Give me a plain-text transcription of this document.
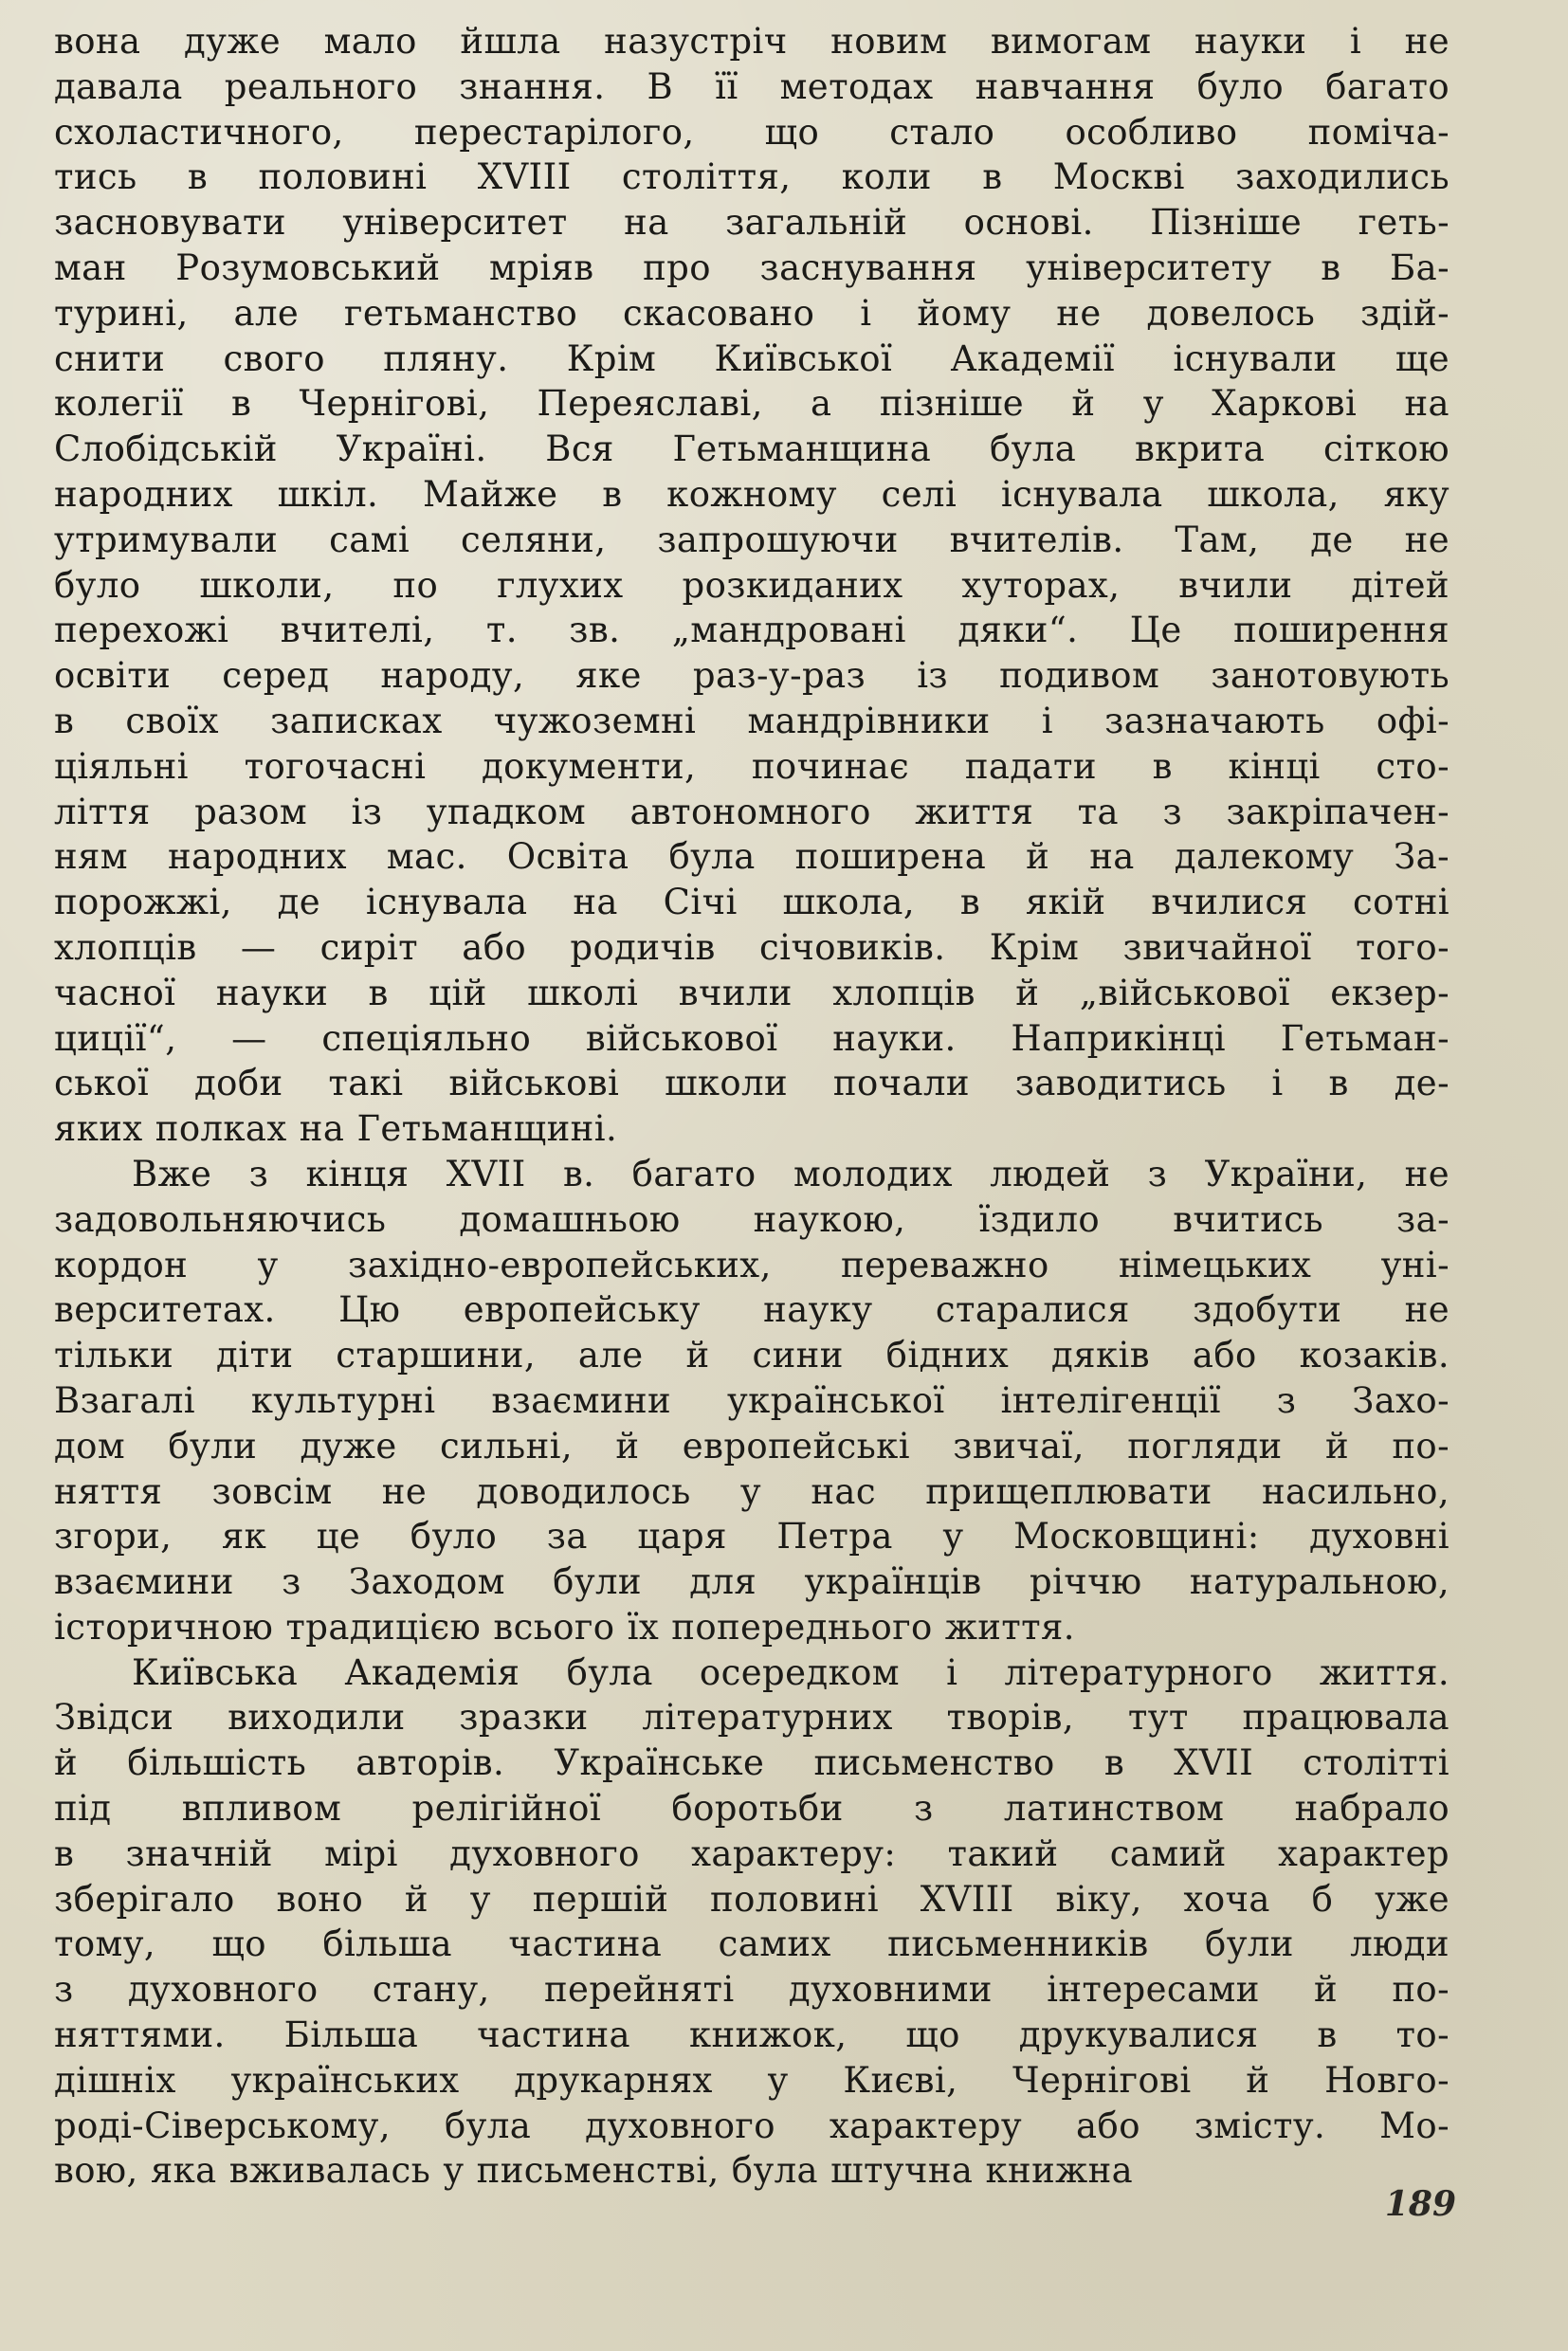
вона дуже мало йшла назустріч новим вимогам науки і не
давала реального знання. В її методах навчання було багато
схоластичного, перестарілого, що стало особливо поміча-
тись в половині XVIII століття, коли в Москві заходились
засновувати університет на загальній основі. Пізніше геть-
ман Розумовський мріяв про заснування університету в Ба-
турині, але гетьманство скасовано і йому не довелось здій-
снити свого пляну. Крім Київської Академії існували ще
колегії в Чернігові, Переяславі, а пізніше й у Харкові на
Слобідській Україні. Вся Гетьманщина була вкрита сіткою
народних шкіл. Майже в кожному селі існувала школа, яку
утримували самі селяни, запрошуючи вчителів. Там, де не
було школи, по глухих розкиданих хуторах, вчили дітей
перехожі вчителі, т. зв. „мандровані дяки“. Це поширення
освіти серед народу, яке раз-у-раз із подивом занотовують
в своїх записках чужоземні мандрівники і зазначають офі-
ціяльні тогочасні документи, починає падати в кінці сто-
ліття разом із упадком автономного життя та з закріпачен-
ням народних мас. Освіта була поширена й на далекому За-
порожжі, де існувала на Січі школа, в якій вчилися сотні
хлопців — сиріт або родичів січовиків. Крім звичайної того-
часної науки в цій школі вчили хлопців й „військової екзер-
циції“, — спеціяльно військової науки. Наприкінці Гетьман-
ської доби такі військові школи почали заводитись і в де-
яких полках на Гетьманщині.

Вже з кінця XVII в. багато молодих людей з України, не
задовольняючись домашньою наукою, їздило вчитись за-
кордон у західно-европейських, переважно німецьких уні-
верситетах. Цю европейську науку старалися здобути не
тільки діти старшини, але й сини бідних дяків або козаків.
Взагалі культурні взаємини української інтелігенції з Захо-
дом були дуже сильні, й европейські звичаї, погляди й по-
няття зовсім не доводилось у нас прищеплювати насильно,
згори, як це було за царя Петра у Московщині: духовні
взаємини з Заходом були для українців річчю натуральною,
історичною традицією всього їх попереднього життя.

Київська Академія була осередком і літературного життя.
Звідси виходили зразки літературних творів, тут працювала
й більшість авторів. Українське письменство в XVII столітті
під впливом релігійної боротьби з латинством набрало
в значній мірі духовного характеру: такий самий характер
зберігало воно й у першій половині XVIII віку, хоча б уже
тому, що більша частина самих письменників були люди
з духовного стану, перейняті духовними інтересами й по-
няттями. Більша частина книжок, що друкувалися в то-
дішніх українських друкарнях у Києві, Чернігові й Новго-
роді-Сіверському, була духовного характеру або змісту. Мо-
вою, яка вживалась у письменстві, була штучна книжна

189
